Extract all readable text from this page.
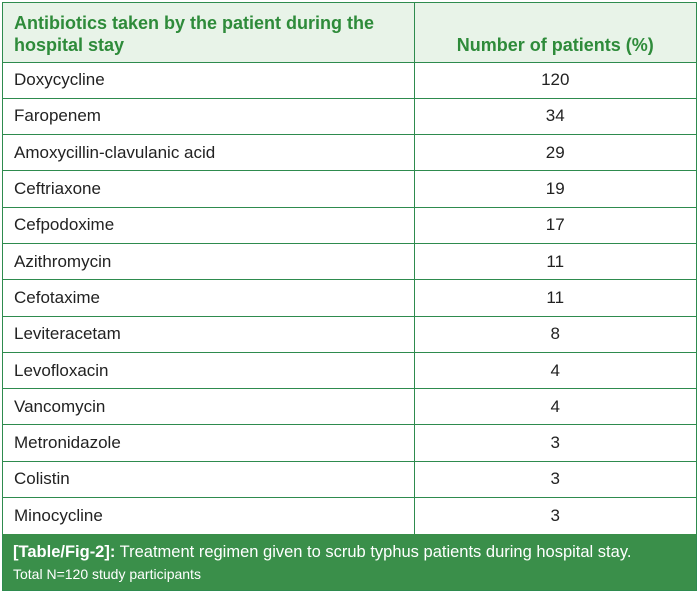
Antibiotics taken by the patient during the hospital stay	Number of patients (%)
Doxycycline	120
Faropenem	34
Amoxycillin-clavulanic acid	29
Ceftriaxone	19
Cefpodoxime	17
Azithromycin	11
Cefotaxime	11
Leviteracetam	8
Levofloxacin	4
Vancomycin	4
Metronidazole	3
Colistin	3
Minocycline	3
[Table/Fig-2]: Treatment regimen given to scrub typhus patients during hospital stay.
Total N=120 study participants
